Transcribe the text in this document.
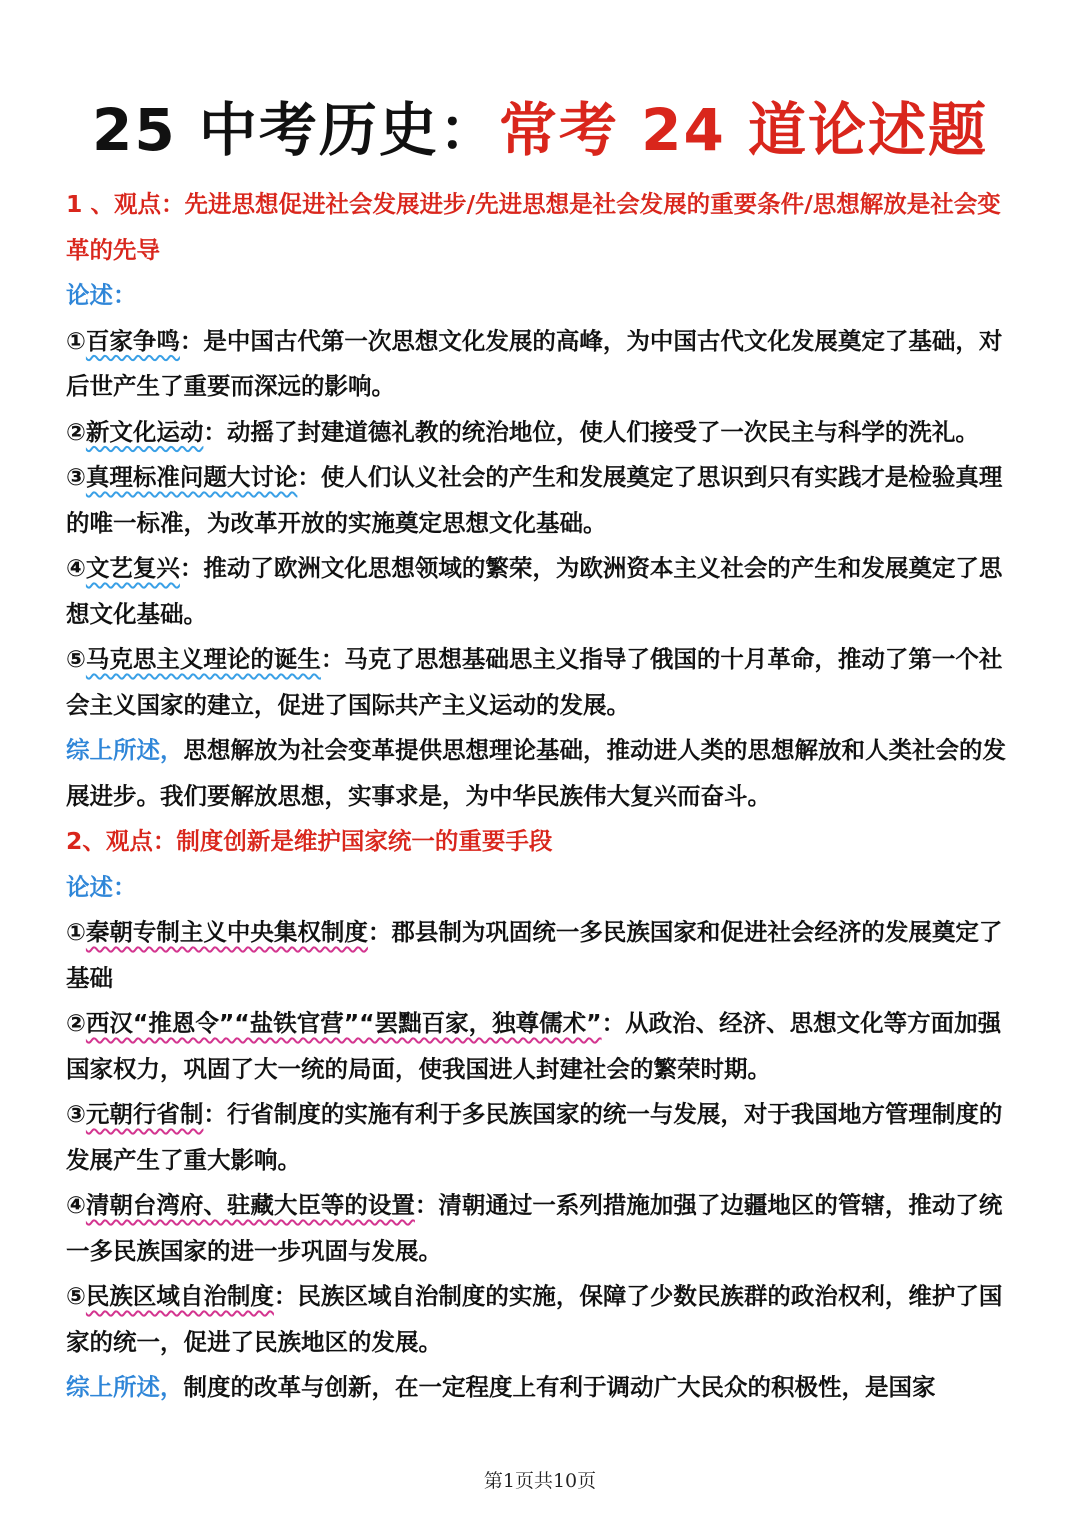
25 中考历史：常考 24 道论述题

1 、观点：先进思想促进社会发展进步/先进思想是社会发展的重要条件/思想解放是社会变革的先导

论述：

①百家争鸣：是中国古代第一次思想文化发展的高峰，为中国古代文化发展奠定了基础，对后世产生了重要而深远的影响。

②新文化运动：动摇了封建道德礼教的统治地位，使人们接受了一次民主与科学的洗礼。

③真理标准问题大讨论：使人们认义社会的产生和发展奠定了思识到只有实践才是检验真理的唯一标准，为改革开放的实施奠定思想文化基础。

④文艺复兴：推动了欧洲文化思想领域的繁荣，为欧洲资本主义社会的产生和发展奠定了思想文化基础。

⑤马克思主义理论的诞生：马克了思想基础思主义指导了俄国的十月革命，推动了第一个社会主义国家的建立，促进了国际共产主义运动的发展。

综上所述，思想解放为社会变革提供思想理论基础，推动进人类的思想解放和人类社会的发展进步。我们要解放思想，实事求是，为中华民族伟大复兴而奋斗。

2、观点：制度创新是维护国家统一的重要手段

论述：

①秦朝专制主义中央集权制度：郡县制为巩固统一多民族国家和促进社会经济的发展奠定了基础

②西汉“推恩令”“盐铁官营”“罢黜百家，独尊儒术”：从政治、经济、思想文化等方面加强国家权力，巩固了大一统的局面，使我国进人封建社会的繁荣时期。

③元朝行省制：行省制度的实施有利于多民族国家的统一与发展，对于我国地方管理制度的发展产生了重大影响。

④清朝台湾府、驻藏大臣等的设置：清朝通过一系列措施加强了边疆地区的管辖，推动了统一多民族国家的进一步巩固与发展。

⑤民族区域自治制度：民族区域自治制度的实施，保障了少数民族群的政治权利，维护了国家的统一，促进了民族地区的发展。

综上所述，制度的改革与创新，在一定程度上有利于调动广大民众的积极性，是国家

第1页共10页
